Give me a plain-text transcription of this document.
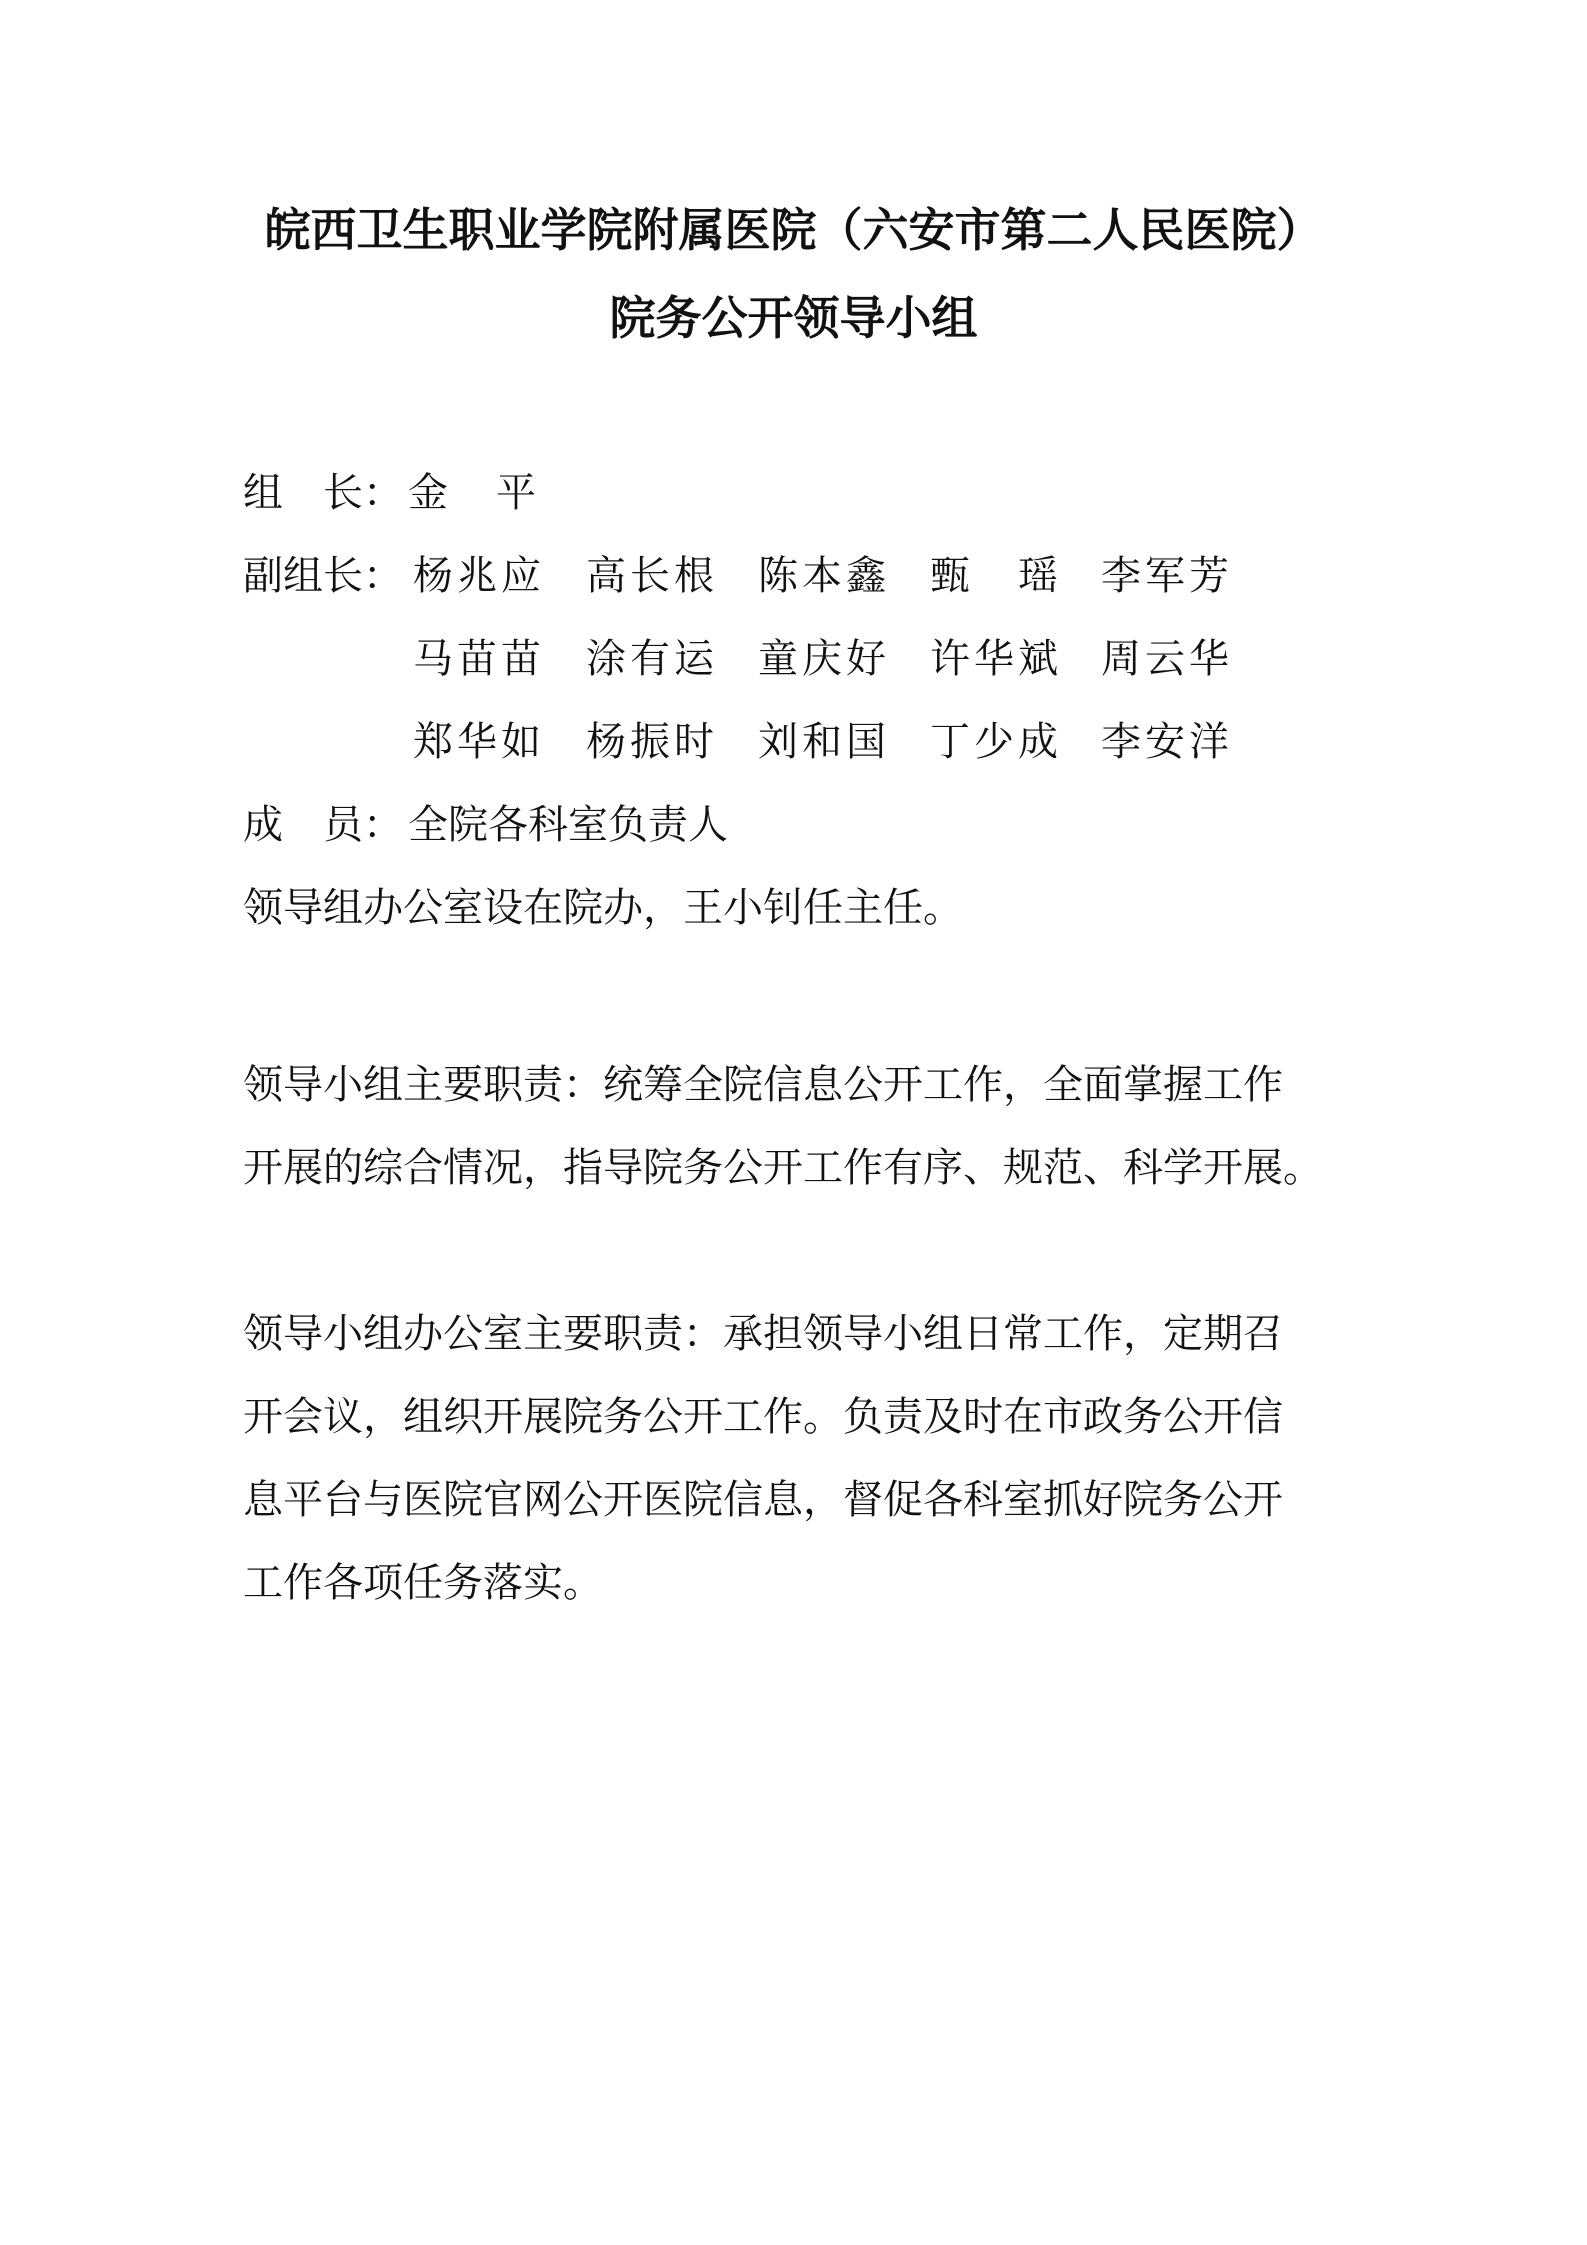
皖西卫生职业学院附属医院（六安市第二人民医院）
院务公开领导小组
组　长： 金　平
副组长： 杨兆应 高长根 陈本鑫 甄　瑶 李军芳
马苗苗 涂有运 童庆好 许华斌 周云华
郑华如 杨振时 刘和国 丁少成 李安洋
成　员： 全院各科室负责人
领导组办公室设在院办，王小钊任主任。
领导小组主要职责：统筹全院信息公开工作，全面掌握工作
开展的综合情况，指导院务公开工作有序、规范、科学开展。
领导小组办公室主要职责：承担领导小组日常工作，定期召
开会议，组织开展院务公开工作。负责及时在市政务公开信
息平台与医院官网公开医院信息，督促各科室抓好院务公开
工作各项任务落实。
